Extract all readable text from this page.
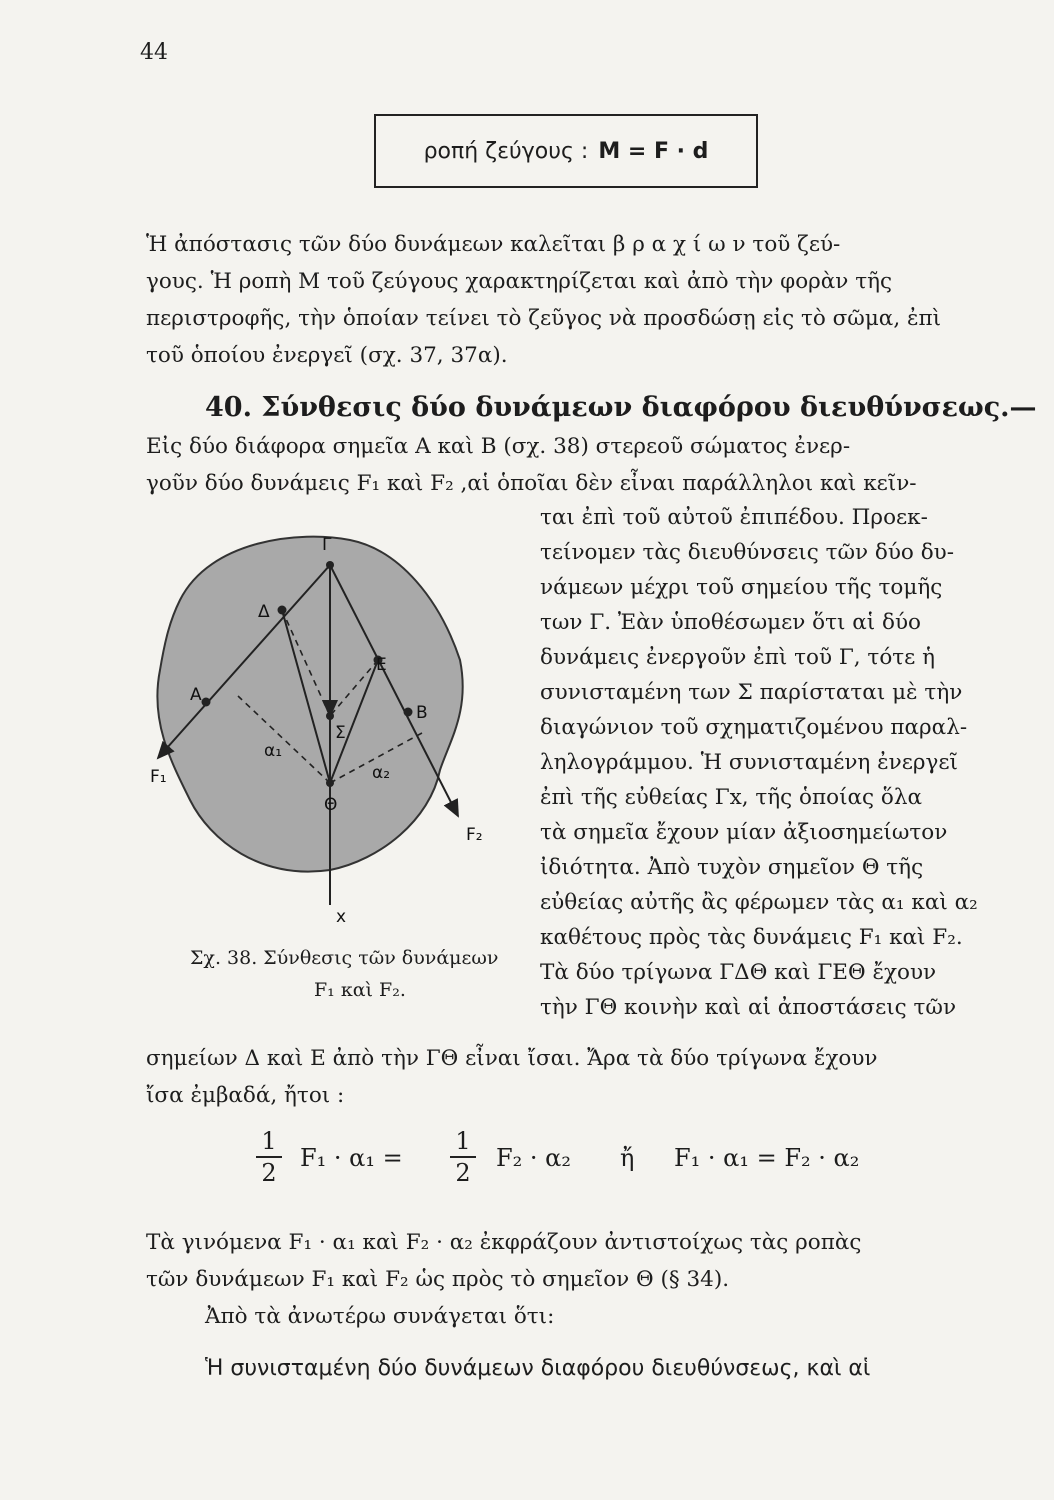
44
ροπή ζεύγους : M = F · d
Ἡ ἀπόστασις τῶν δύο δυνάμεων καλεῖται β ρ α χ ί ω ν τοῦ ζεύ-
γους. Ἡ ροπὴ M τοῦ ζεύγους χαρακτηρίζεται καὶ ἀπὸ τὴν φορὰν τῆς
περιστροφῆς, τὴν ὁποίαν τείνει τὸ ζεῦγος νὰ προσδώσῃ εἰς τὸ σῶμα, ἐπὶ
τοῦ ὁποίου ἐνεργεῖ (σχ. 37, 37α).
40. Σύνθεσις δύο δυνάμεων διαφόρου διευθύνσεως.—
Εἰς δύο διάφορα σημεῖα A καὶ B (σχ. 38) στερεοῦ σώματος ἐνερ-
γοῦν δύο δυνάμεις F₁ καὶ F₂ ,αἱ ὁποῖαι δὲν εἶναι παράλληλοι καὶ κεῖν-
ται ἐπὶ τοῦ αὐτοῦ ἐπιπέδου. Προεκ-
τείνομεν τὰς διευθύνσεις τῶν δύο δυ-
νάμεων μέχρι τοῦ σημείου τῆς τομῆς
των Γ. Ἐὰν ὑποθέσωμεν ὅτι αἱ δύο
δυνάμεις ἐνεργοῦν ἐπὶ τοῦ Γ, τότε ἡ
συνισταμένη των Σ παρίσταται μὲ τὴν
διαγώνιον τοῦ σχηματιζομένου παραλ-
ληλογράμμου. Ἡ συνισταμένη ἐνεργεῖ
ἐπὶ τῆς εὐθείας Γx, τῆς ὁποίας ὅλα
τὰ σημεῖα ἔχουν μίαν ἀξιοσημείωτον
ἰδιότητα. Ἀπὸ τυχὸν σημεῖον Θ τῆς
εὐθείας αὐτῆς ἂς φέρωμεν τὰς α₁ καὶ α₂
καθέτους πρὸς τὰς δυνάμεις F₁ καὶ F₂.
Τὰ δύο τρίγωνα ΓΔΘ καὶ ΓΕΘ ἔχουν
τὴν ΓΘ κοινὴν καὶ αἱ ἀποστάσεις τῶν
Γ
Δ
A
E
B
Σ
Θ
α₁
α₂
F₁
F₂
x
Σχ. 38. Σύνθεσις τῶν δυνάμεων
F₁ καὶ F₂.
σημείων Δ καὶ E ἀπὸ τὴν ΓΘ εἶναι ἴσαι. Ἄρα τὰ δύο τρίγωνα ἔχουν
ἴσα ἐμβαδά, ἤτοι :
$\frac{1}{2} F_1 \cdot \alpha_1 = \frac{1}{2} F_2 \cdot \alpha_2$ ἤ F₁ · α₁ = F₂ · α₂
Τὰ γινόμενα F₁ · α₁ καὶ F₂ · α₂ ἐκφράζουν ἀντιστοίχως τὰς ροπὰς
τῶν δυνάμεων F₁ καὶ F₂ ὡς πρὸς τὸ σημεῖον Θ (§ 34).
Ἀπὸ τὰ ἀνωτέρω συνάγεται ὅτι:
Ἡ συνισταμένη δύο δυνάμεων διαφόρου διευθύνσεως, καὶ αἱ
